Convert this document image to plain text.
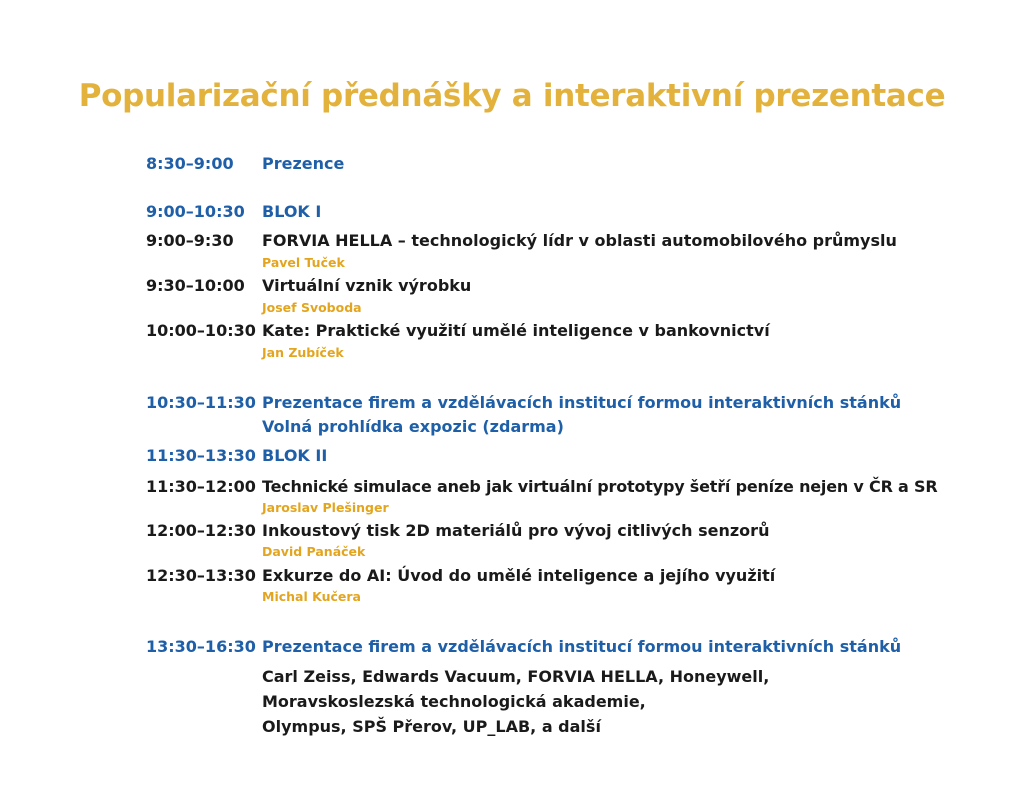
Popularizační přednášky a interaktivní prezentace
8:30–9:00 Prezence
9:00–10:30 BLOK I
9:00–9:30 FORVIA HELLA – technologický lídr v oblasti automobilového průmyslu
Pavel Tuček
9:30–10:00 Virtuální vznik výrobku
Josef Svoboda
10:00–10:30 Kate: Praktické využití umělé inteligence v bankovnictví
Jan Zubíček
10:30–11:30 Prezentace firem a vzdělávacích institucí formou interaktivních stánků
Volná prohlídka expozic (zdarma)
11:30–13:30 BLOK II
11:30–12:00 Technické simulace aneb jak virtuální prototypy šetří peníze nejen v ČR a SR
Jaroslav Plešinger
12:00–12:30 Inkoustový tisk 2D materiálů pro vývoj citlivých senzorů
David Panáček
12:30–13:30 Exkurze do AI: Úvod do umělé inteligence a jejího využití
Michal Kučera
13:30–16:30 Prezentace firem a vzdělávacích institucí formou interaktivních stánků
Carl Zeiss, Edwards Vacuum, FORVIA HELLA, Honeywell,
Moravskoslezská technologická akademie,
Olympus, SPŠ Přerov, UP_LAB, a další
